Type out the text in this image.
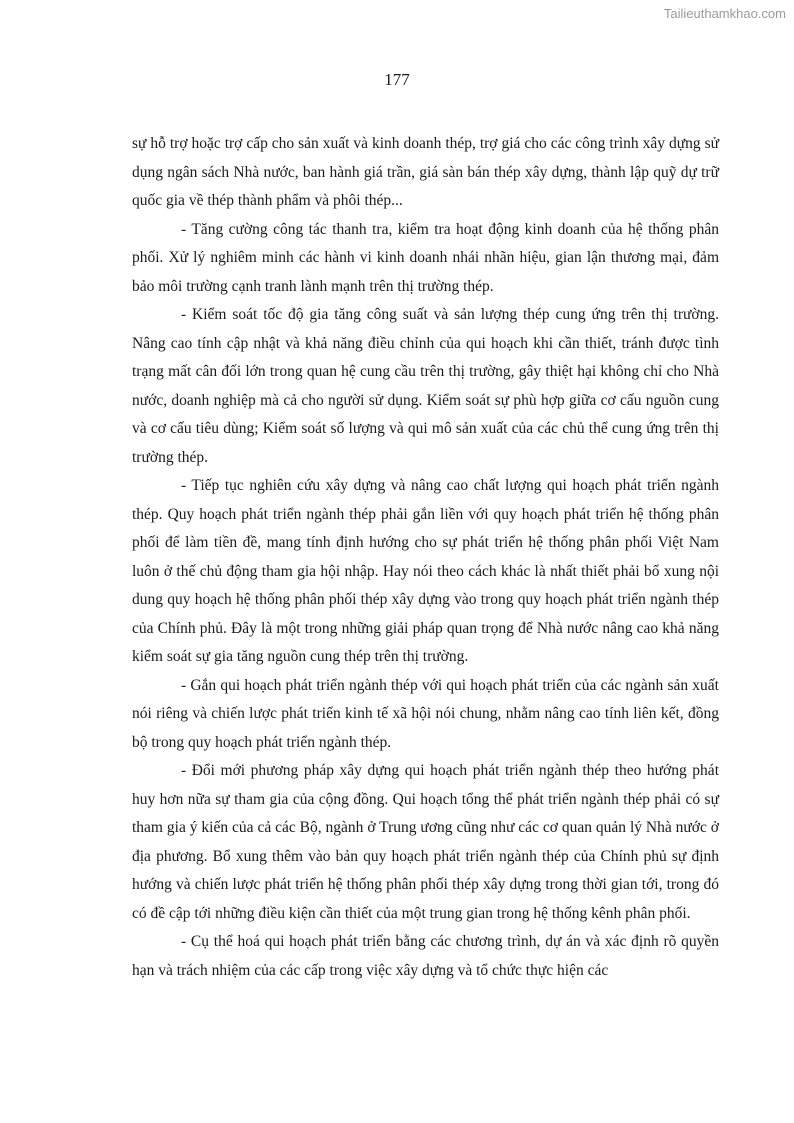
Tailieuthamkhao.com
177

sự hỗ trợ hoặc trợ cấp cho sản xuất và kinh doanh thép, trợ giá cho các công trình xây dựng sử dụng ngân sách Nhà nước, ban hành giá trần, giá sàn bán thép xây dựng, thành lập quỹ dự trữ quốc gia về thép thành phẩm và phôi thép...

- Tăng cường công tác thanh tra, kiểm tra hoạt động kinh doanh của hệ thống phân phối. Xử lý nghiêm minh các hành vi kinh doanh nhái nhãn hiệu, gian lận thương mại, đảm bảo môi trường cạnh tranh lành mạnh trên thị trường thép.

- Kiểm soát tốc độ gia tăng công suất và sản lượng thép cung ứng trên thị trường. Nâng cao tính cập nhật và khả năng điều chỉnh của qui hoạch khi cần thiết, tránh được tình trạng mất cân đối lớn trong quan hệ cung cầu trên thị trường, gây thiệt hại không chỉ cho Nhà nước, doanh nghiệp mà cả cho người sử dụng. Kiểm soát sự phù hợp giữa cơ cấu nguồn cung và cơ cấu tiêu dùng; Kiểm soát số lượng và qui mô sản xuất của các chủ thể cung ứng trên thị trường thép.

- Tiếp tục nghiên cứu xây dựng và nâng cao chất lượng qui hoạch phát triển ngành thép. Quy hoạch phát triển ngành thép phải gắn liền với quy hoạch phát triển hệ thống phân phối để làm tiền đề, mang tính định hướng cho sự phát triển hệ thống phân phối Việt Nam luôn ở thế chủ động tham gia hội nhập. Hay nói theo cách khác là nhất thiết phải bổ xung nội dung quy hoạch hệ thống phân phối thép xây dựng vào trong quy hoạch phát triển ngành thép của Chính phủ. Đây là một trong những giải pháp quan trọng để Nhà nước nâng cao khả năng kiểm soát sự gia tăng nguồn cung thép trên thị trường.

- Gắn qui hoạch phát triển ngành thép với qui hoạch phát triển của các ngành sản xuất nói riêng và chiến lược phát triển kinh tế xã hội nói chung, nhằm nâng cao tính liên kết, đồng bộ trong quy hoạch phát triển ngành thép.

- Đổi mới phương pháp xây dựng qui hoạch phát triển ngành thép theo hướng phát huy hơn nữa sự tham gia của cộng đồng. Qui hoạch tổng thể phát triển ngành thép phải có sự tham gia ý kiến của cả các Bộ, ngành ở Trung ương cũng như các cơ quan quản lý Nhà nước ở địa phương. Bổ xung thêm vào bản quy hoạch phát triển ngành thép của Chính phủ sự định hướng và chiến lược phát triển hệ thống phân phối thép xây dựng trong thời gian tới, trong đó có đề cập tới những điều kiện cần thiết của một trung gian trong hệ thống kênh phân phối.

- Cụ thể hoá qui hoạch phát triển bằng các chương trình, dự án và xác định rõ quyền hạn và trách nhiệm của các cấp trong việc xây dựng và tổ chức thực hiện các
